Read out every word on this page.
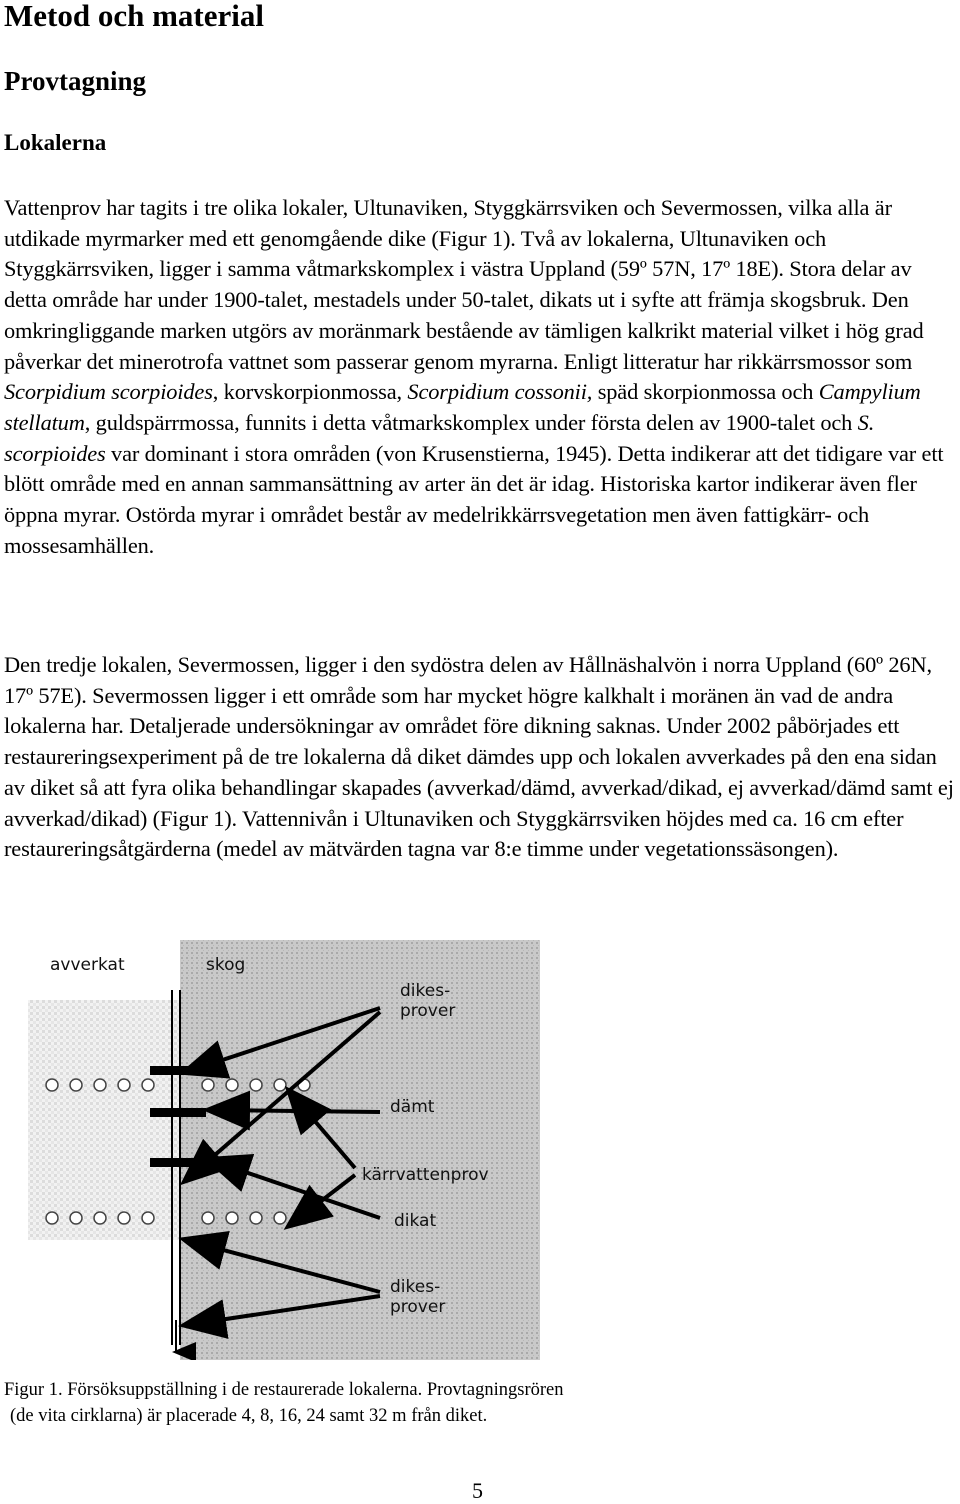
Metod och material
Provtagning
Lokalerna

Vattenprov har tagits i tre olika lokaler, Ultunaviken, Styggkärrsviken och Severmossen, vilka alla är utdikade myrmarker med ett genomgående dike (Figur 1). Två av lokalerna, Ultunaviken och Styggkärrsviken, ligger i samma våtmarkskomplex i västra Uppland (59º 57N, 17º 18E). Stora delar av detta område har under 1900-talet, mestadels under 50-talet, dikats ut i syfte att främja skogsbruk. Den omkringliggande marken utgörs av moränmark bestående av tämligen kalkrikt material vilket i hög grad påverkar det minerotrofa vattnet som passerar genom myrarna. Enligt litteratur har rikkärrsmossor som Scorpidium scorpioides, korvskorpionmossa, Scorpidium cossonii, späd skorpionmossa och Campylium stellatum, guldspärrmossa, funnits i detta våtmarkskomplex under första delen av 1900-talet och S. scorpioides var dominant i stora områden (von Krusenstierna, 1945). Detta indikerar att det tidigare var ett blött område med en annan sammansättning av arter än det är idag. Historiska kartor indikerar även fler öppna myrar. Ostörda myrar i området består av medelrikkärrsvegetation men även fattigkärr- och mossesamhällen.

Den tredje lokalen, Severmossen, ligger i den sydöstra delen av Hållnäshalvön i norra Uppland (60º 26N, 17º 57E). Severmossen ligger i ett område som har mycket högre kalkhalt i moränen än vad de andra lokalerna har. Detaljerade undersökningar av området före dikning saknas. Under 2002 påbörjades ett restaureringsexperiment på de tre lokalerna då diket dämdes upp och lokalen avverkades på den ena sidan av diket så att fyra olika behandlingar skapades (avverkad/dämd, avverkad/dikad, ej avverkad/dämd samt ej avverkad/dikad) (Figur 1). Vattennivån i Ultunaviken och Styggkärrsviken höjdes med ca. 16 cm efter restaureringsåtgärderna (medel av mätvärden tagna var 8:e timme under vegetationssäsongen).

avverkat	skog
dikes-
prover
dämt
kärrvattenprov
dikat
dikes-
prover

Figur 1. Försöksuppställning i de restaurerade lokalerna. Provtagningsrören
(de vita cirklarna) är placerade 4, 8, 16, 24 samt 32 m från diket.

5
